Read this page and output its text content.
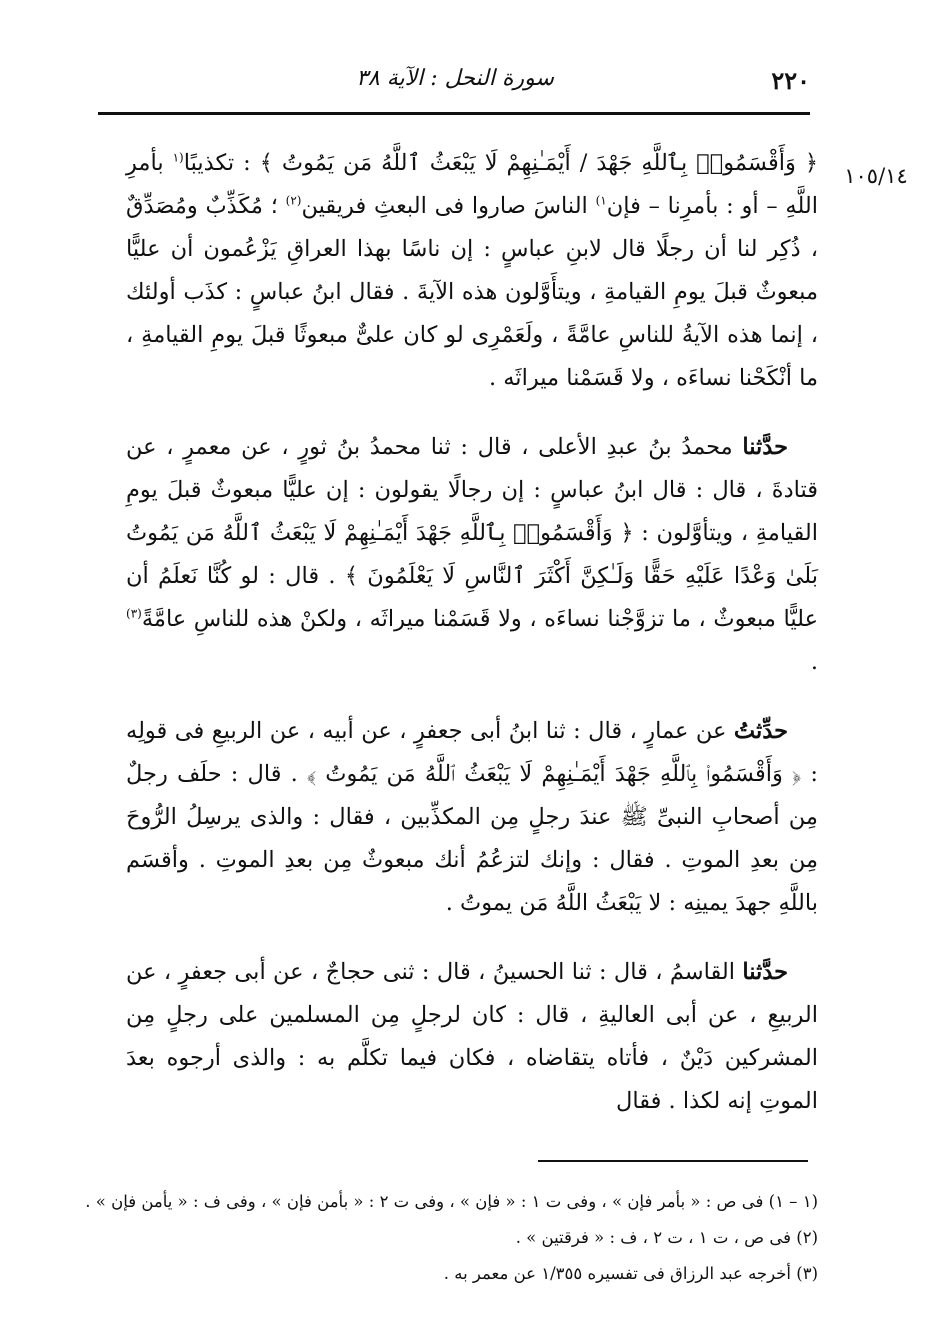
٢٢٠
سورة النحل : الآية ٣٨
١٠٥/١٤

﴿ وَأَقْسَمُوا۟ بِٱللَّهِ جَهْدَ / أَيْمَـٰنِهِمْ لَا يَبْعَثُ ٱللَّهُ مَن يَمُوتُ ﴾ : تكذيبًا$^{(١}$ بأمرِ اللَّهِ – أو : بأمرِنا – فإن$^{١)}$ الناسَ صاروا فى البعثِ فريقين$^{(٢)}$ ؛ مُكَذِّبٌ ومُصَدِّقٌ ، ذُكِر لنا أن رجلًا قال لابنِ عباسٍ : إن ناسًا بهذا العراقِ يَزْعُمون أن عليًّا مبعوثٌ قبلَ يومِ القيامةِ ، ويتأَوَّلون هذه الآيةَ . فقال ابنُ عباسٍ : كذَب أولئك ، إنما هذه الآيةُ للناسِ عامَّةً ، ولَعَمْرِى لو كان علىٌّ مبعوثًا قبلَ يومِ القيامةِ ، ما أنْكَحْنا نساءَه ، ولا قَسَمْنا ميراثَه .

حدَّثنا محمدُ بنُ عبدِ الأعلى ، قال : ثنا محمدُ بنُ ثورٍ ، عن معمرٍ ، عن قتادةَ ، قال : قال ابنُ عباسٍ : إن رجالًا يقولون : إن عليًّا مبعوثٌ قبلَ يومِ القيامةِ ، ويتأوَّلون : ﴿ وَأَقْسَمُوا۟ بِٱللَّهِ جَهْدَ أَيْمَـٰنِهِمْ لَا يَبْعَثُ ٱللَّهُ مَن يَمُوتُ بَلَىٰ وَعْدًا عَلَيْهِ حَقًّا وَلَـٰكِنَّ أَكْثَرَ ٱلنَّاسِ لَا يَعْلَمُونَ ﴾ . قال : لو كُنَّا نَعلَمُ أن عليًّا مبعوثٌ ، ما تزوَّجْنا نساءَه ، ولا قَسَمْنا ميراثَه ، ولكنْ هذه للناسِ عامَّةً$^{(٣)}$ .

حدِّثتُ عن عمارٍ ، قال : ثنا ابنُ أبى جعفرٍ ، عن أبيه ، عن الربيعِ فى قولِه : ﴿ وَأَقْسَمُوا۟ بِٱللَّهِ جَهْدَ أَيْمَـٰنِهِمْ لَا يَبْعَثُ ٱللَّهُ مَن يَمُوتُ ﴾ . قال : حلَف رجلٌ مِن أصحابِ النبىِّ ﷺ عندَ رجلٍ مِن المكذِّبين ، فقال : والذى يرسِلُ الرُّوحَ مِن بعدِ الموتِ . فقال : وإنك لتزعُمُ أنك مبعوثٌ مِن بعدِ الموتِ . وأقسَم باللَّهِ جهدَ يمينِه : لا يَبْعَثُ اللَّهُ مَن يموتُ .

حدَّثنا القاسمُ ، قال : ثنا الحسينُ ، قال : ثنى حجاجٌ ، عن أبى جعفرٍ ، عن الربيعِ ، عن أبى العاليةِ ، قال : كان لرجلٍ مِن المسلمين على رجلٍ مِن المشركين دَيْنٌ ، فأتاه يتقاضاه ، فكان فيما تكلَّم به : والذى أرجوه بعدَ الموتِ إنه لكذا . فقال

(١ – ١) فى ص : « بأمر فإن » ، وفى ت ١ : « فإن » ، وفى ت ٢ : « بأمن فإن » ، وفى ف : « يأمن فإن » .

(٢) فى ص ، ت ١ ، ت ٢ ، ف : « فرقتين » .

(٣) أخرجه عبد الرزاق فى تفسيره ١/٣٥٥ عن معمر به .
